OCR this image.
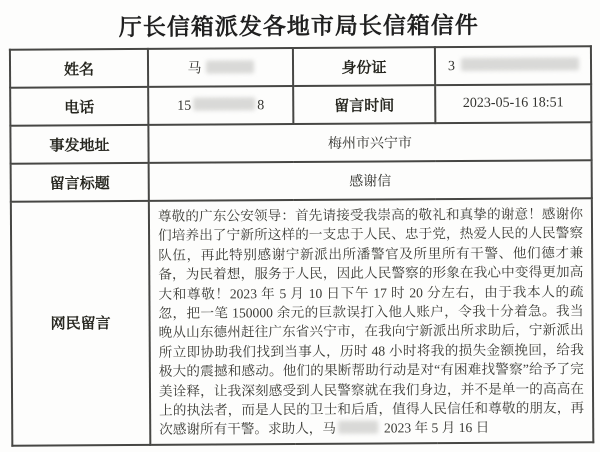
厅长信箱派发各地市局长信箱信件
姓名	马	身份证	3
电话	15 8	留言时间	2023-05-16 18:51
事发地址	梅州市兴宁市		
留言标题	感谢信		
网民留言	尊敬的广东公安领导：首先请接受我崇高的敬礼和真挚的谢意！感谢你们培养出了宁新所这样的一支忠于人民、忠于党，热爱人民的人民警察队伍，再此特别感谢宁新派出所潘警官及所里所有干警、他们德才兼备，为民着想，服务于人民，因此人民警察的形象在我心中变得更加高大和尊敬！2023 年 5 月 10 日下午 17 时 20 分左右，由于我本人的疏忽，把一笔 150000 余元的巨款误打入他人账户，令我十分着急。我当晚从山东德州赶往广东省兴宁市，在我向宁新派出所求助后，宁新派出所立即协助我们找到当事人，历时 48 小时将我的损失金额挽回，给我极大的震撼和感动。他们的果断帮助行动是对“有困难找警察”给予了完美诠释，让我深刻感受到人民警察就在我们身边，并不是单一的高高在上的执法者，而是人民的卫士和后盾，值得人民信任和尊敬的朋友，再次感谢所有干警。求助人，马 2023 年 5 月 16 日		
